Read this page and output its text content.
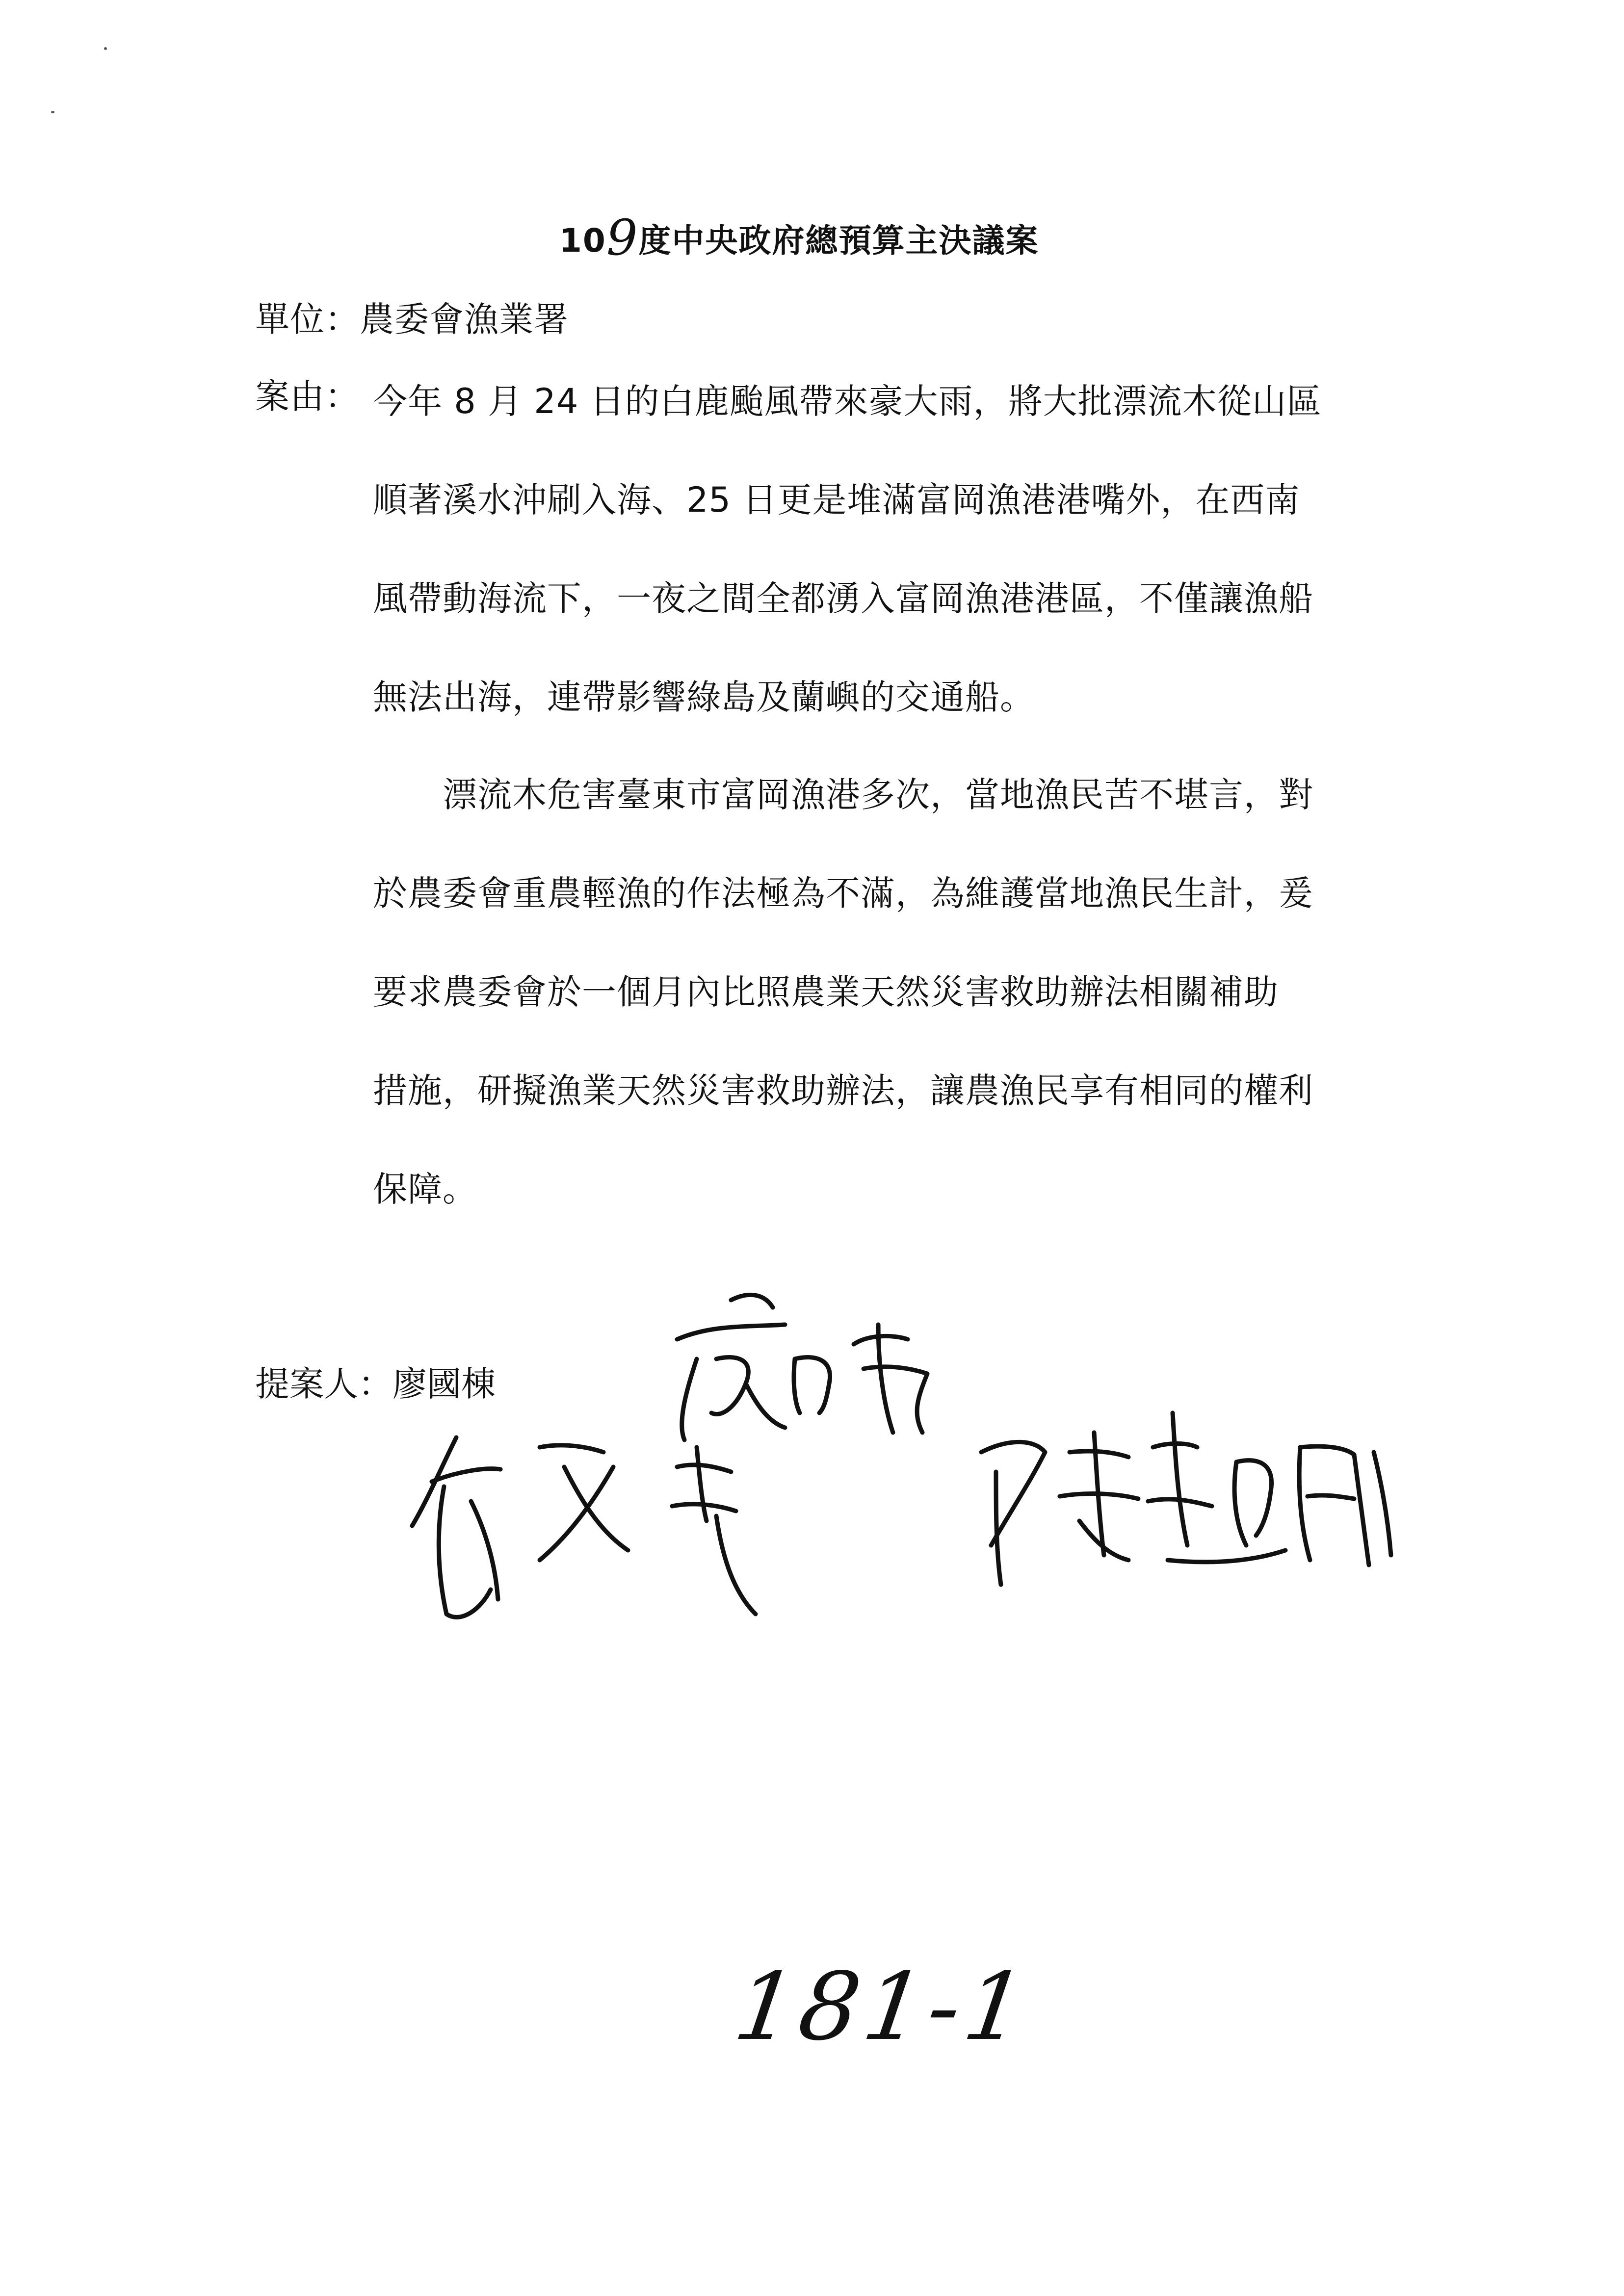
109度中央政府總預算主決議案
單位：農委會漁業署
案由： 今年 8 月 24 日的白鹿颱風帶來豪大雨，將大批漂流木從山區
順著溪水沖刷入海、25 日更是堆滿富岡漁港港嘴外，在西南
風帶動海流下，一夜之間全都湧入富岡漁港港區，不僅讓漁船
無法出海，連帶影響綠島及蘭嶼的交通船。
　　漂流木危害臺東市富岡漁港多次，當地漁民苦不堪言，對
於農委會重農輕漁的作法極為不滿，為維護當地漁民生計，爰
要求農委會於一個月內比照農業天然災害救助辦法相關補助
措施，研擬漁業天然災害救助辦法，讓農漁民享有相同的權利
保障。
提案人：廖國棟
181-1
